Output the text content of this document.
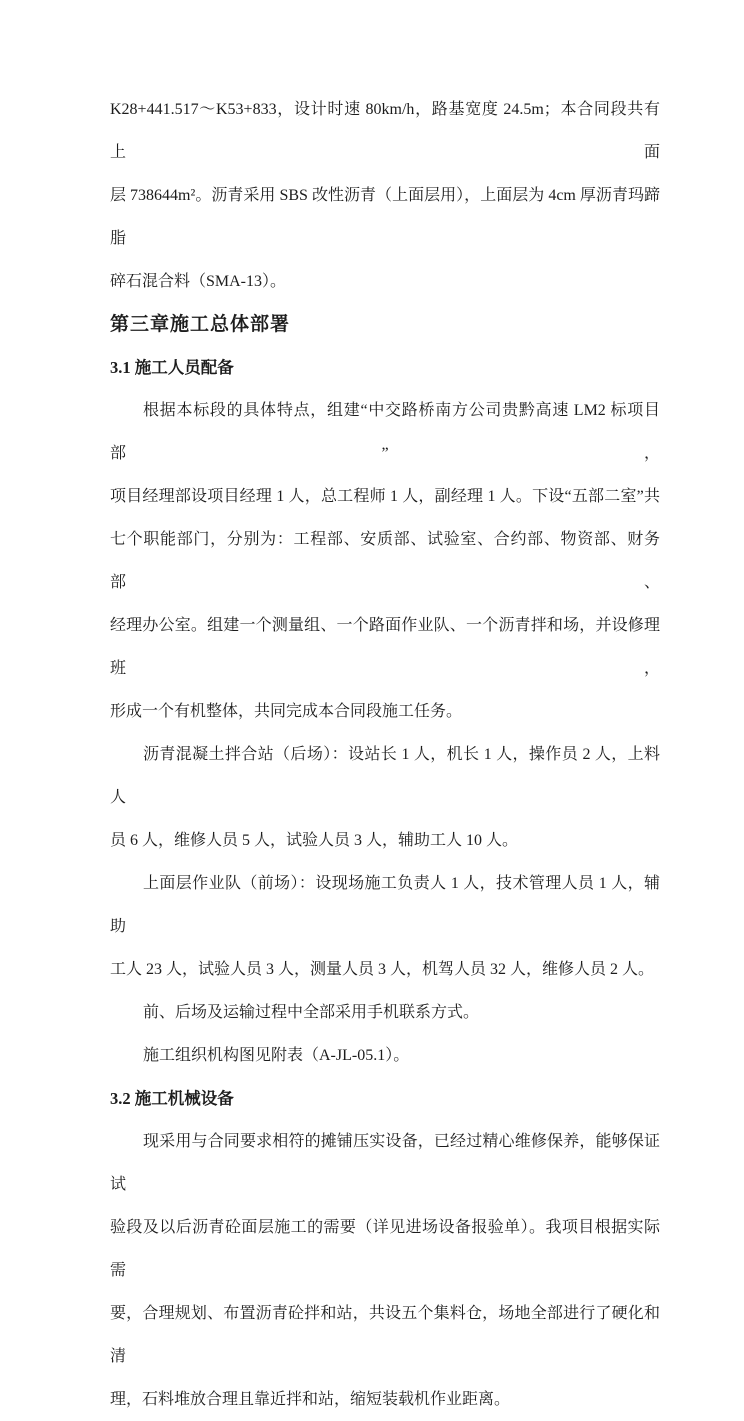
K28+441.517～K53+833，设计时速 80km/h，路基宽度 24.5m；本合同段共有上面
层 738644m²。沥青采用 SBS 改性沥青（上面层用），上面层为 4cm 厚沥青玛蹄脂
碎石混合料（SMA-13）。
第三章施工总体部署
3.1 施工人员配备
根据本标段的具体特点，组建“中交路桥南方公司贵黔高速 LM2 标项目部”，
项目经理部设项目经理 1 人，总工程师 1 人，副经理 1 人。下设“五部二室”共
七个职能部门，分别为：工程部、安质部、试验室、合约部、物资部、财务部、
经理办公室。组建一个测量组、一个路面作业队、一个沥青拌和场，并设修理班，
形成一个有机整体，共同完成本合同段施工任务。
沥青混凝土拌合站（后场）：设站长 1 人，机长 1 人，操作员 2 人，上料人
员 6 人，维修人员 5 人，试验人员 3 人，辅助工人 10 人。
上面层作业队（前场）：设现场施工负责人 1 人，技术管理人员 1 人，辅助
工人 23 人，试验人员 3 人，测量人员 3 人，机驾人员 32 人，维修人员 2 人。
前、后场及运输过程中全部采用手机联系方式。
施工组织机构图见附表（A-JL-05.1）。
3.2 施工机械设备
现采用与合同要求相符的摊铺压实设备，已经过精心维修保养，能够保证试
验段及以后沥青砼面层施工的需要（详见进场设备报验单）。我项目根据实际需
要，合理规划、布置沥青砼拌和站，共设五个集料仓，场地全部进行了硬化和清
理，石料堆放合理且靠近拌和站，缩短装载机作业距离。
